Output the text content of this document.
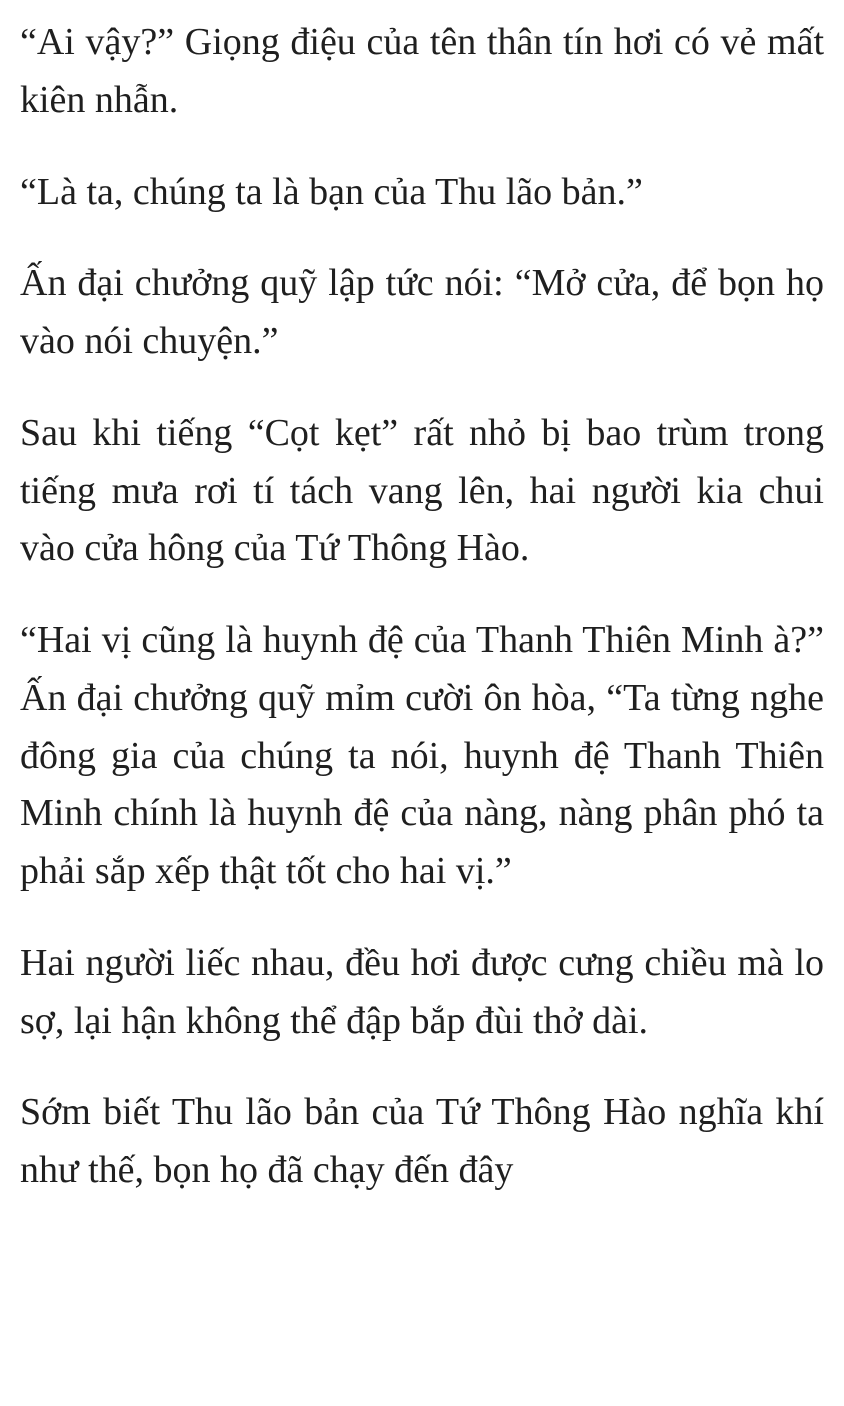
“Ai vậy?” Giọng điệu của tên thân tín hơi có vẻ mất kiên nhẫn.

“Là ta, chúng ta là bạn của Thu lão bản.”

Ấn đại chưởng quỹ lập tức nói: “Mở cửa, để bọn họ vào nói chuyện.”

Sau khi tiếng “Cọt kẹt” rất nhỏ bị bao trùm trong tiếng mưa rơi tí tách vang lên, hai người kia chui vào cửa hông của Tứ Thông Hào.

“Hai vị cũng là huynh đệ của Thanh Thiên Minh à?” Ấn đại chưởng quỹ mỉm cười ôn hòa, “Ta từng nghe đông gia của chúng ta nói, huynh đệ Thanh Thiên Minh chính là huynh đệ của nàng, nàng phân phó ta phải sắp xếp thật tốt cho hai vị.”

Hai người liếc nhau, đều hơi được cưng chiều mà lo sợ, lại hận không thể đập bắp đùi thở dài.

Sớm biết Thu lão bản của Tứ Thông Hào nghĩa khí như thế, bọn họ đã chạy đến đây
